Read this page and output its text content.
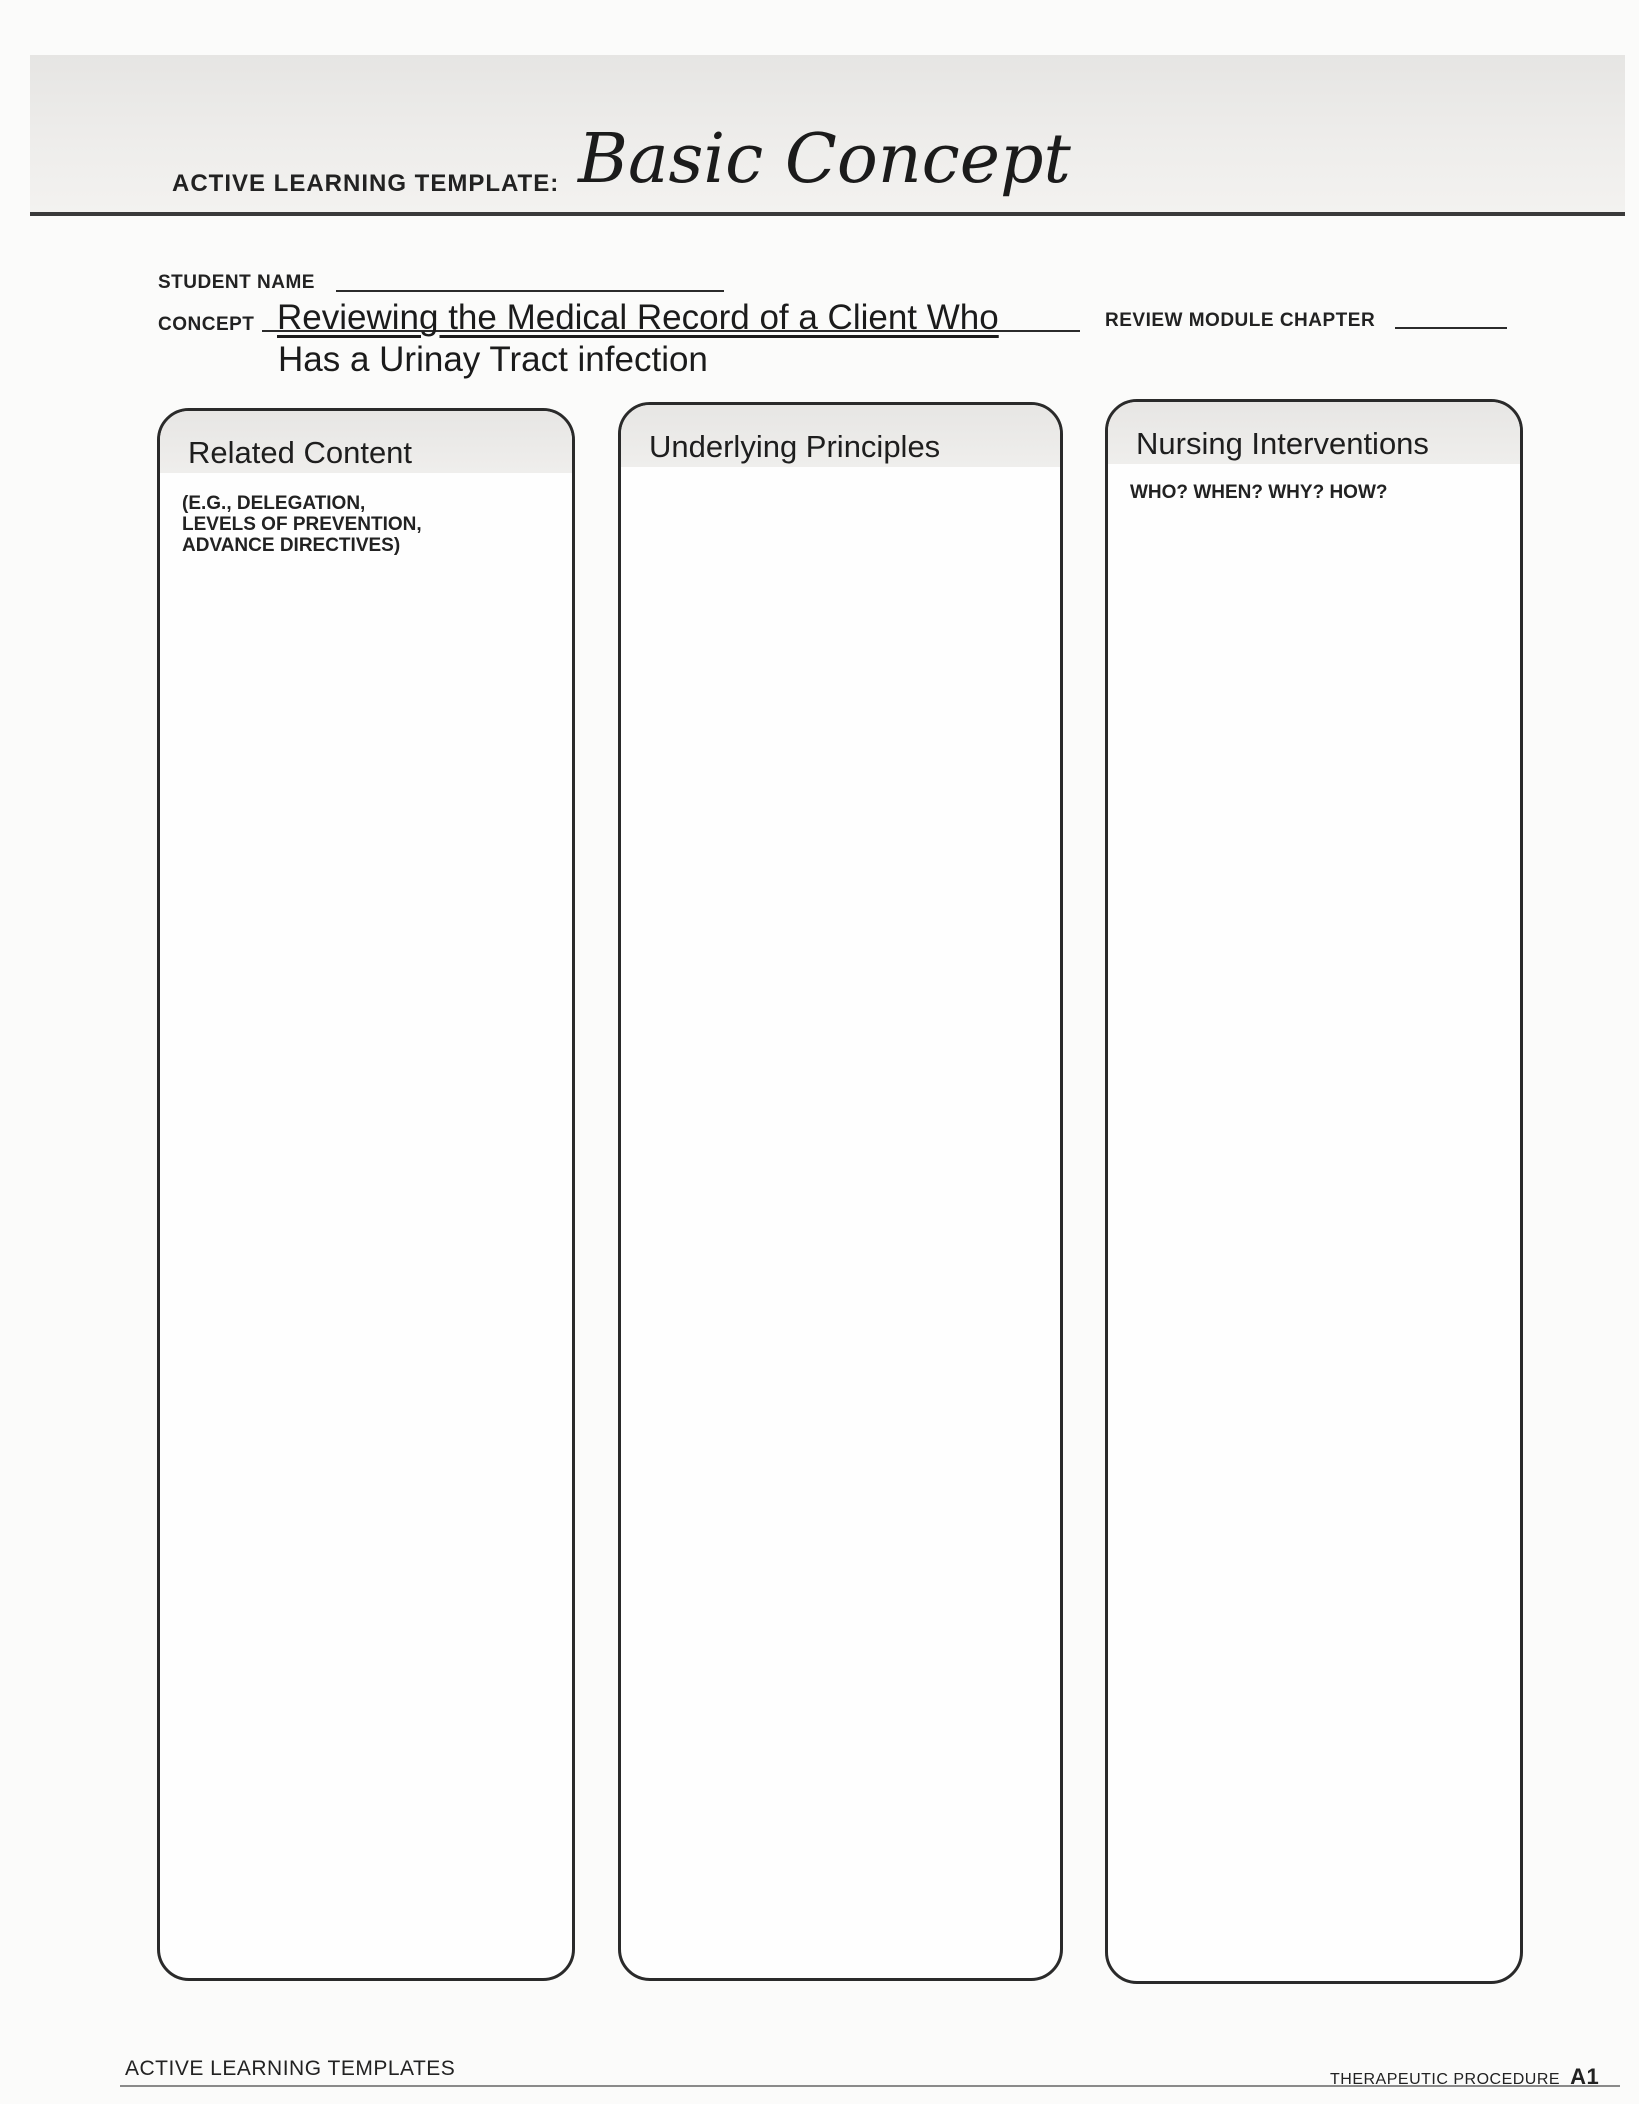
ACTIVE LEARNING TEMPLATE: Basic Concept
STUDENT NAME
CONCEPT Reviewing the Medical Record of a Client Who
Has a Urinay Tract infection
REVIEW MODULE CHAPTER
Related Content
(E.G., DELEGATION,
LEVELS OF PREVENTION,
ADVANCE DIRECTIVES)
Underlying Principles	Nursing Interventions
WHO? WHEN? WHY? HOW?
ACTIVE LEARNING TEMPLATES	THERAPEUTIC PROCEDURE A1
